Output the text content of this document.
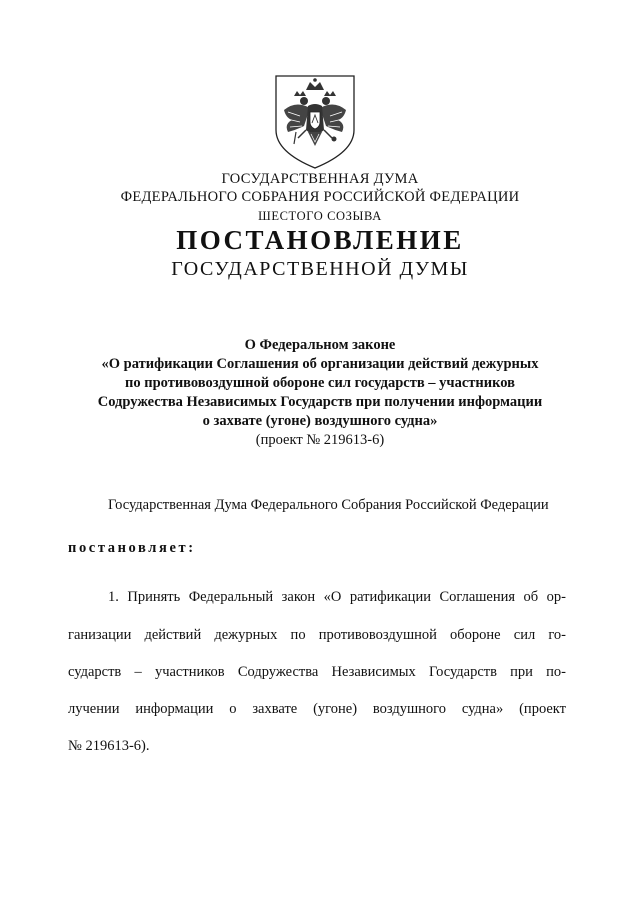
ГОСУДАРСТВЕННАЯ ДУМА
ФЕДЕРАЛЬНОГО СОБРАНИЯ РОССИЙСКОЙ ФЕДЕРАЦИИ
ШЕСТОГО СОЗЫВА
ПОСТАНОВЛЕНИЕ
ГОСУДАРСТВЕННОЙ ДУМЫ
О Федеральном законе
«О ратификации Соглашения об организации действий дежурных
по противовоздушной обороне сил государств – участников
Содружества Независимых Государств при получении информации
о захвате (угоне) воздушного судна»
(проект № 219613-6)
Государственная Дума Федерального Собрания Российской Федерации
постановляет:
1. Принять Федеральный закон «О ратификации Соглашения об ор-
ганизации действий дежурных по противовоздушной обороне сил го-
сударств – участников Содружества Независимых Государств при по-
лучении информации о захвате (угоне) воздушного судна» (проект
№ 219613-6).
